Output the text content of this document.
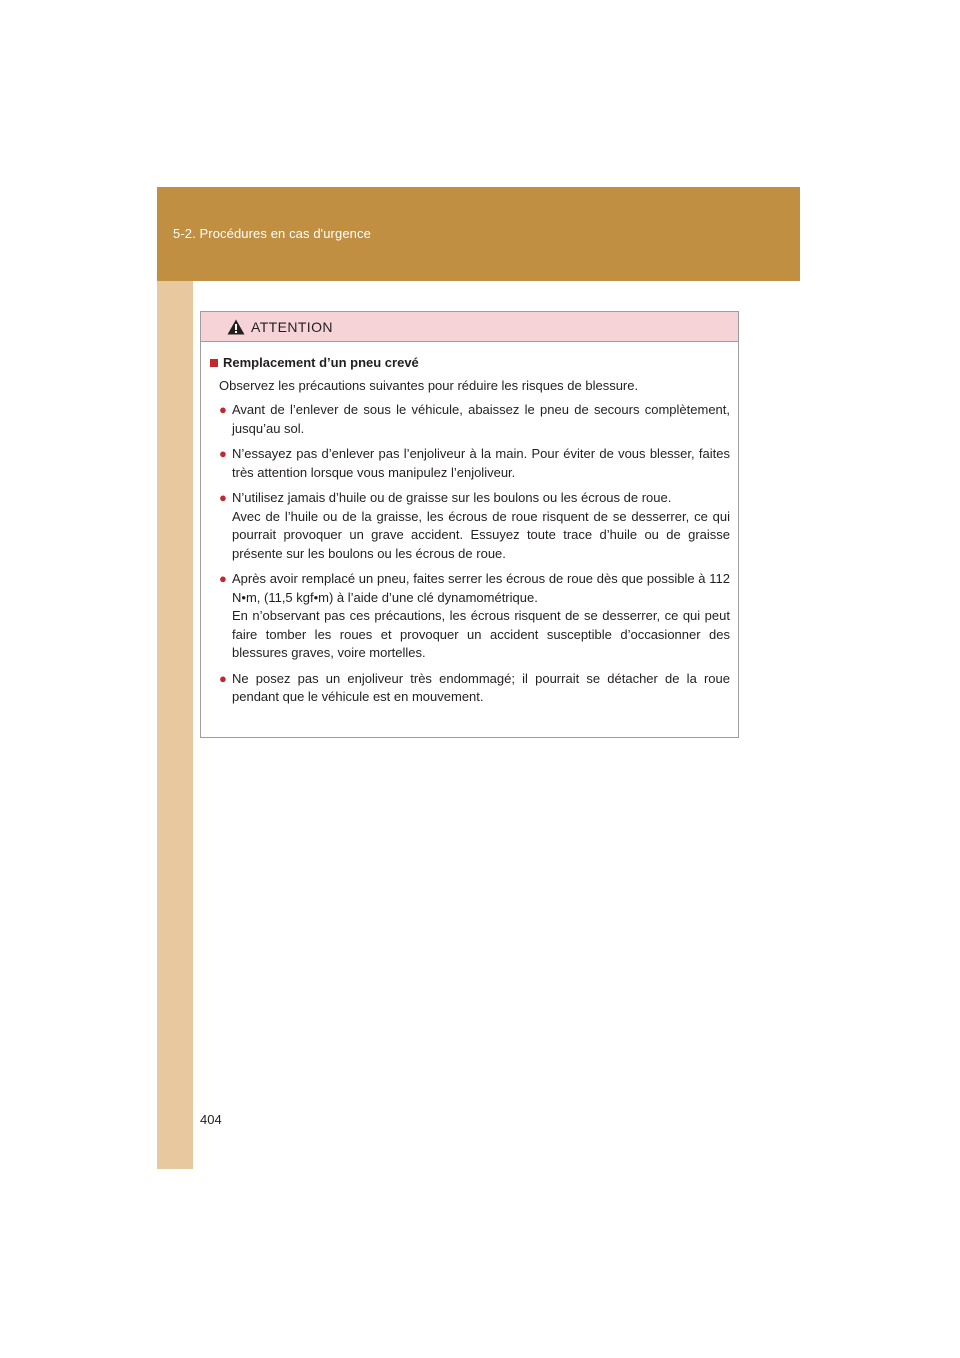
5-2. Procédures en cas d'urgence
ATTENTION
Remplacement d’un pneu crevé
Observez les précautions suivantes pour réduire les risques de blessure.
● Avant de l’enlever de sous le véhicule, abaissez le pneu de secours complètement, jusqu’au sol.

● N’essayez pas d’enlever pas l’enjoliveur à la main. Pour éviter de vous blesser, faites très attention lorsque vous manipulez l’enjoliveur.

● N’utilisez jamais d’huile ou de graisse sur les boulons ou les écrous de roue.

Avec de l’huile ou de la graisse, les écrous de roue risquent de se desserrer, ce qui pourrait provoquer un grave accident. Essuyez toute trace d’huile ou de graisse présente sur les boulons ou les écrous de roue.

● Après avoir remplacé un pneu, faites serrer les écrous de roue dès que possible à 112 N•m, (11,5 kgf•m) à l’aide d’une clé dynamométrique.

En n’observant pas ces précautions, les écrous risquent de se desserrer, ce qui peut faire tomber les roues et provoquer un accident susceptible d’occasionner des blessures graves, voire mortelles.

● Ne posez pas un enjoliveur très endommagé; il pourrait se détacher de la roue pendant que le véhicule est en mouvement.

404
